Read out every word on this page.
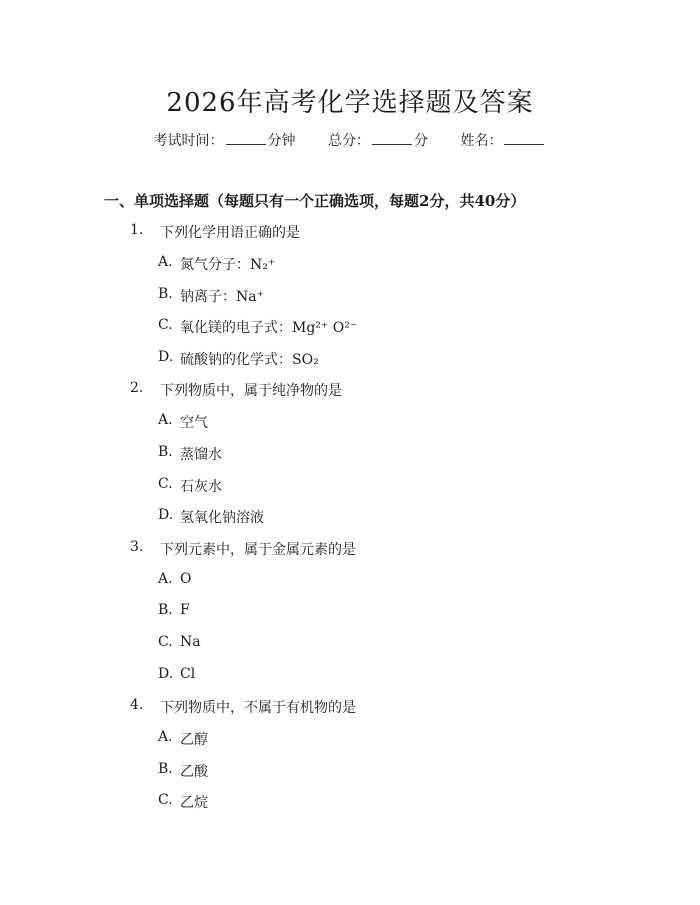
2026年高考化学选择题及答案
考试时间：	分钟 总分：	分 姓名：
一、单项选择题（每题只有一个正确选项，每题2分，共40分）
1. 下列化学用语正确的是
A. 氮气分子：N₂⁺
B. 钠离子：Na⁺
C. 氧化镁的电子式：Mg²⁺ O²⁻
D. 硫酸钠的化学式：SO₂
2. 下列物质中，属于纯净物的是
A. 空气
B. 蒸馏水
C. 石灰水
D. 氢氧化钠溶液
3. 下列元素中，属于金属元素的是
A. O
B. F
C. Na
D. Cl
4. 下列物质中，不属于有机物的是
A. 乙醇
B. 乙酸
C. 乙烷
